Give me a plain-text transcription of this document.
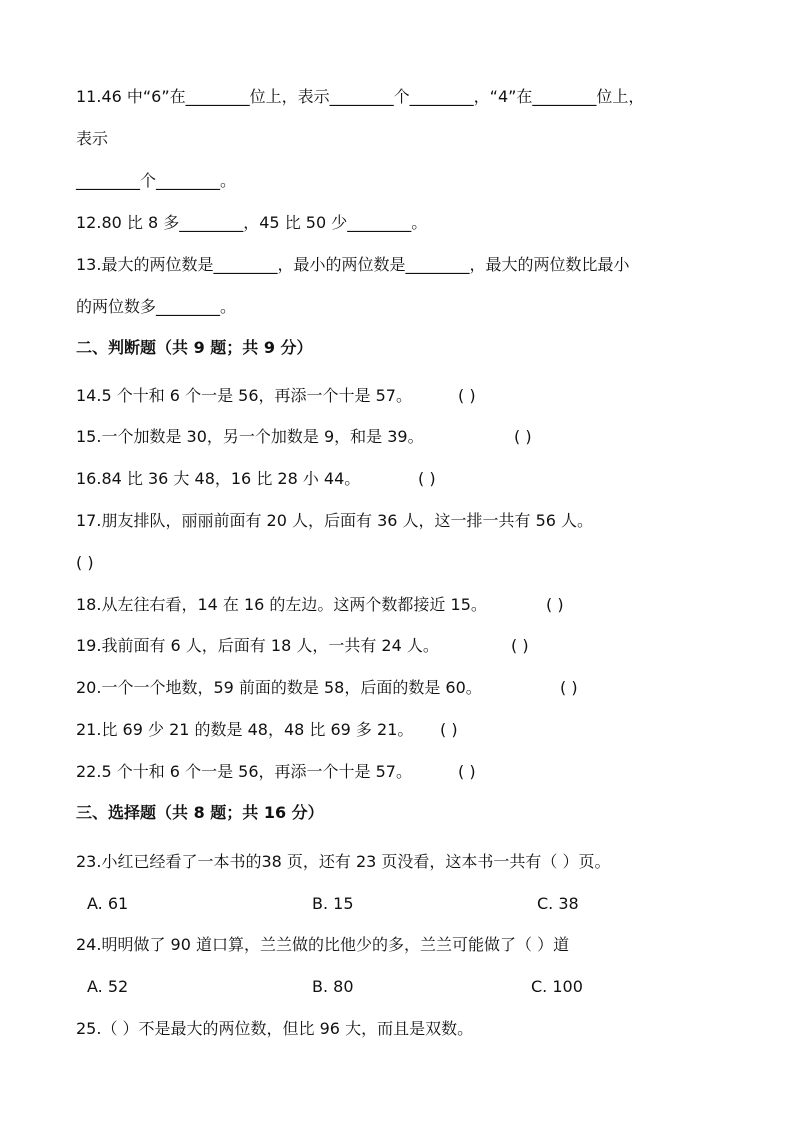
11.46 中“6”在________位上，表示________个________，“4”在________位上，
表示
________个________。
12.80 比 8 多________，45 比 50 少________。
13.最大的两位数是________，最小的两位数是________，最大的两位数比最小
的两位数多________。
二、判断题（共 9 题；共 9 分）
14.5 个十和 6 个一是 56，再添一个十是 57。	( )
15.一个加数是 30，另一个加数是 9，和是 39。	( )
16.84 比 36 大 48，16 比 28 小 44。	( )
17.朋友排队，丽丽前面有 20 人，后面有 36 人，这一排一共有 56 人。
( )
18.从左往右看，14 在 16 的左边。这两个数都接近 15。	( )
19.我前面有 6 人，后面有 18 人，一共有 24 人。	( )
20.一个一个地数，59 前面的数是 58，后面的数是 60。	( )
21.比 69 少 21 的数是 48，48 比 69 多 21。 ( )
22.5 个十和 6 个一是 56，再添一个十是 57。	( )
三、选择题（共 8 题；共 16 分）
23.小红已经看了一本书的38 页，还有 23 页没看，这本书一共有（ ）页。
A. 61	B. 15	C. 38
24.明明做了 90 道口算，兰兰做的比他少的多，兰兰可能做了（ ）道
A. 52	B. 80	C. 100
25.（ ）不是最大的两位数，但比 96 大，而且是双数。
